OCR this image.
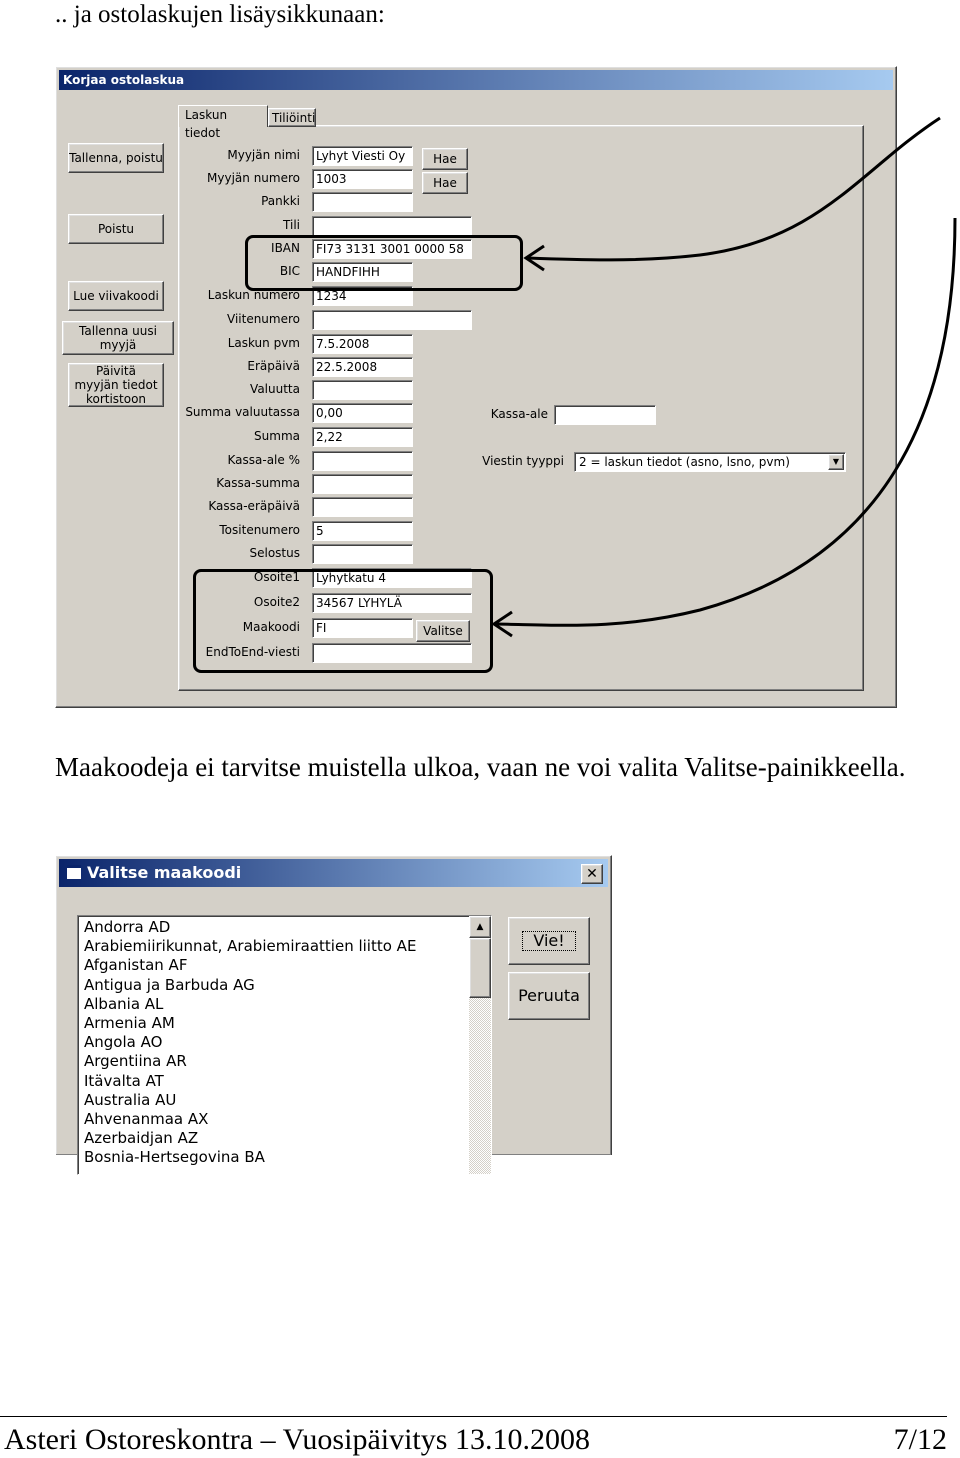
.. ja ostolaskujen lisäysikkunaan:
Korjaa ostolaskua
Tallenna, poistu
Poistu
Lue viivakoodi
Tallenna uusi myyjä
Päivitä myyjän tiedot kortistoon
Laskun tiedot
Tiliöinti
Myyjän nimi	Lyhyt Viesti Oy
Myyjän numero	1003
Pankki
Tili
IBAN	FI73 3131 3001 0000 58
BIC	HANDFIHH
Laskun numero	1234
Viitenumero
Laskun pvm	7.5.2008
Eräpäivä	22.5.2008
Valuutta
Summa valuutassa	0,00
Summa	2,22
Kassa-ale %
Kassa-summa
Kassa-eräpäivä
Tositenumero	5
Selostus
Osoite1	Lyhytkatu 4
Osoite2	34567 LYHYLÄ
Maakoodi	FI
EndToEnd-viesti
Hae
Hae
Valitse
Kassa-ale
Viestin tyyppi 2 = laskun tiedot (asno, lsno, pvm)	▼
Maakoodeja ei tarvitse muistella ulkoa, vaan ne voi valita Valitse-painikkeella.
Valitse maakoodi	✕
Andorra AD
Arabiemiirikunnat, Arabiemiraattien liitto AE
Afganistan AF
Antigua ja Barbuda AG
Albania AL
Armenia AM
Angola AO
Argentiina AR
Itävalta AT
Australia AU
Ahvenanmaa AX
Azerbaidjan AZ
Bosnia-Hertsegovina BA
▲
Vie!
Peruuta
Asteri Ostoreskontra – Vuosipäivitys 13.10.2008	7/12
